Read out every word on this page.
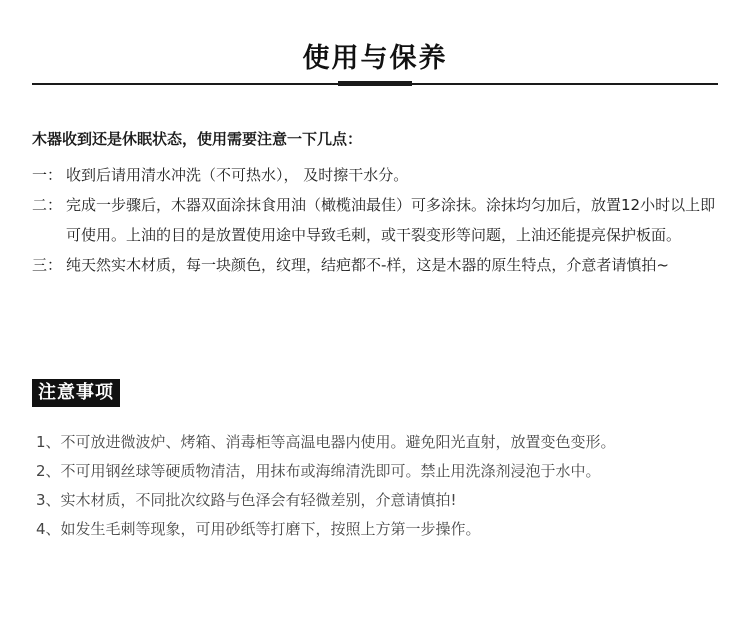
使用与保养
木器收到还是休眠状态，使用需要注意一下几点：
一： 收到后请用清水冲洗（不可热水）， 及时擦干水分。
二： 完成一步骤后，木器双面涂抹食用油（橄榄油最佳）可多涂抹。涂抹均匀加后，放置12小时以上即可使用。上油的目的是放置使用途中导致毛刺，或干裂变形等问题，上油还能提亮保护板面。
三： 纯天然实木材质，每一块颜色，纹理，结疤都不-样，这是木器的原生特点，介意者请慎拍~
注意事项
1、不可放进微波炉、烤箱、消毒柜等高温电器内使用。避免阳光直射，放置变色变形。
2、不可用钢丝球等硬质物清洁，用抹布或海绵清洗即可。禁止用洗涤剂浸泡于水中。
3、实木材质，不同批次纹路与色泽会有轻微差别，介意请慎拍!
4、如发生毛刺等现象，可用砂纸等打磨下，按照上方第一步操作。
